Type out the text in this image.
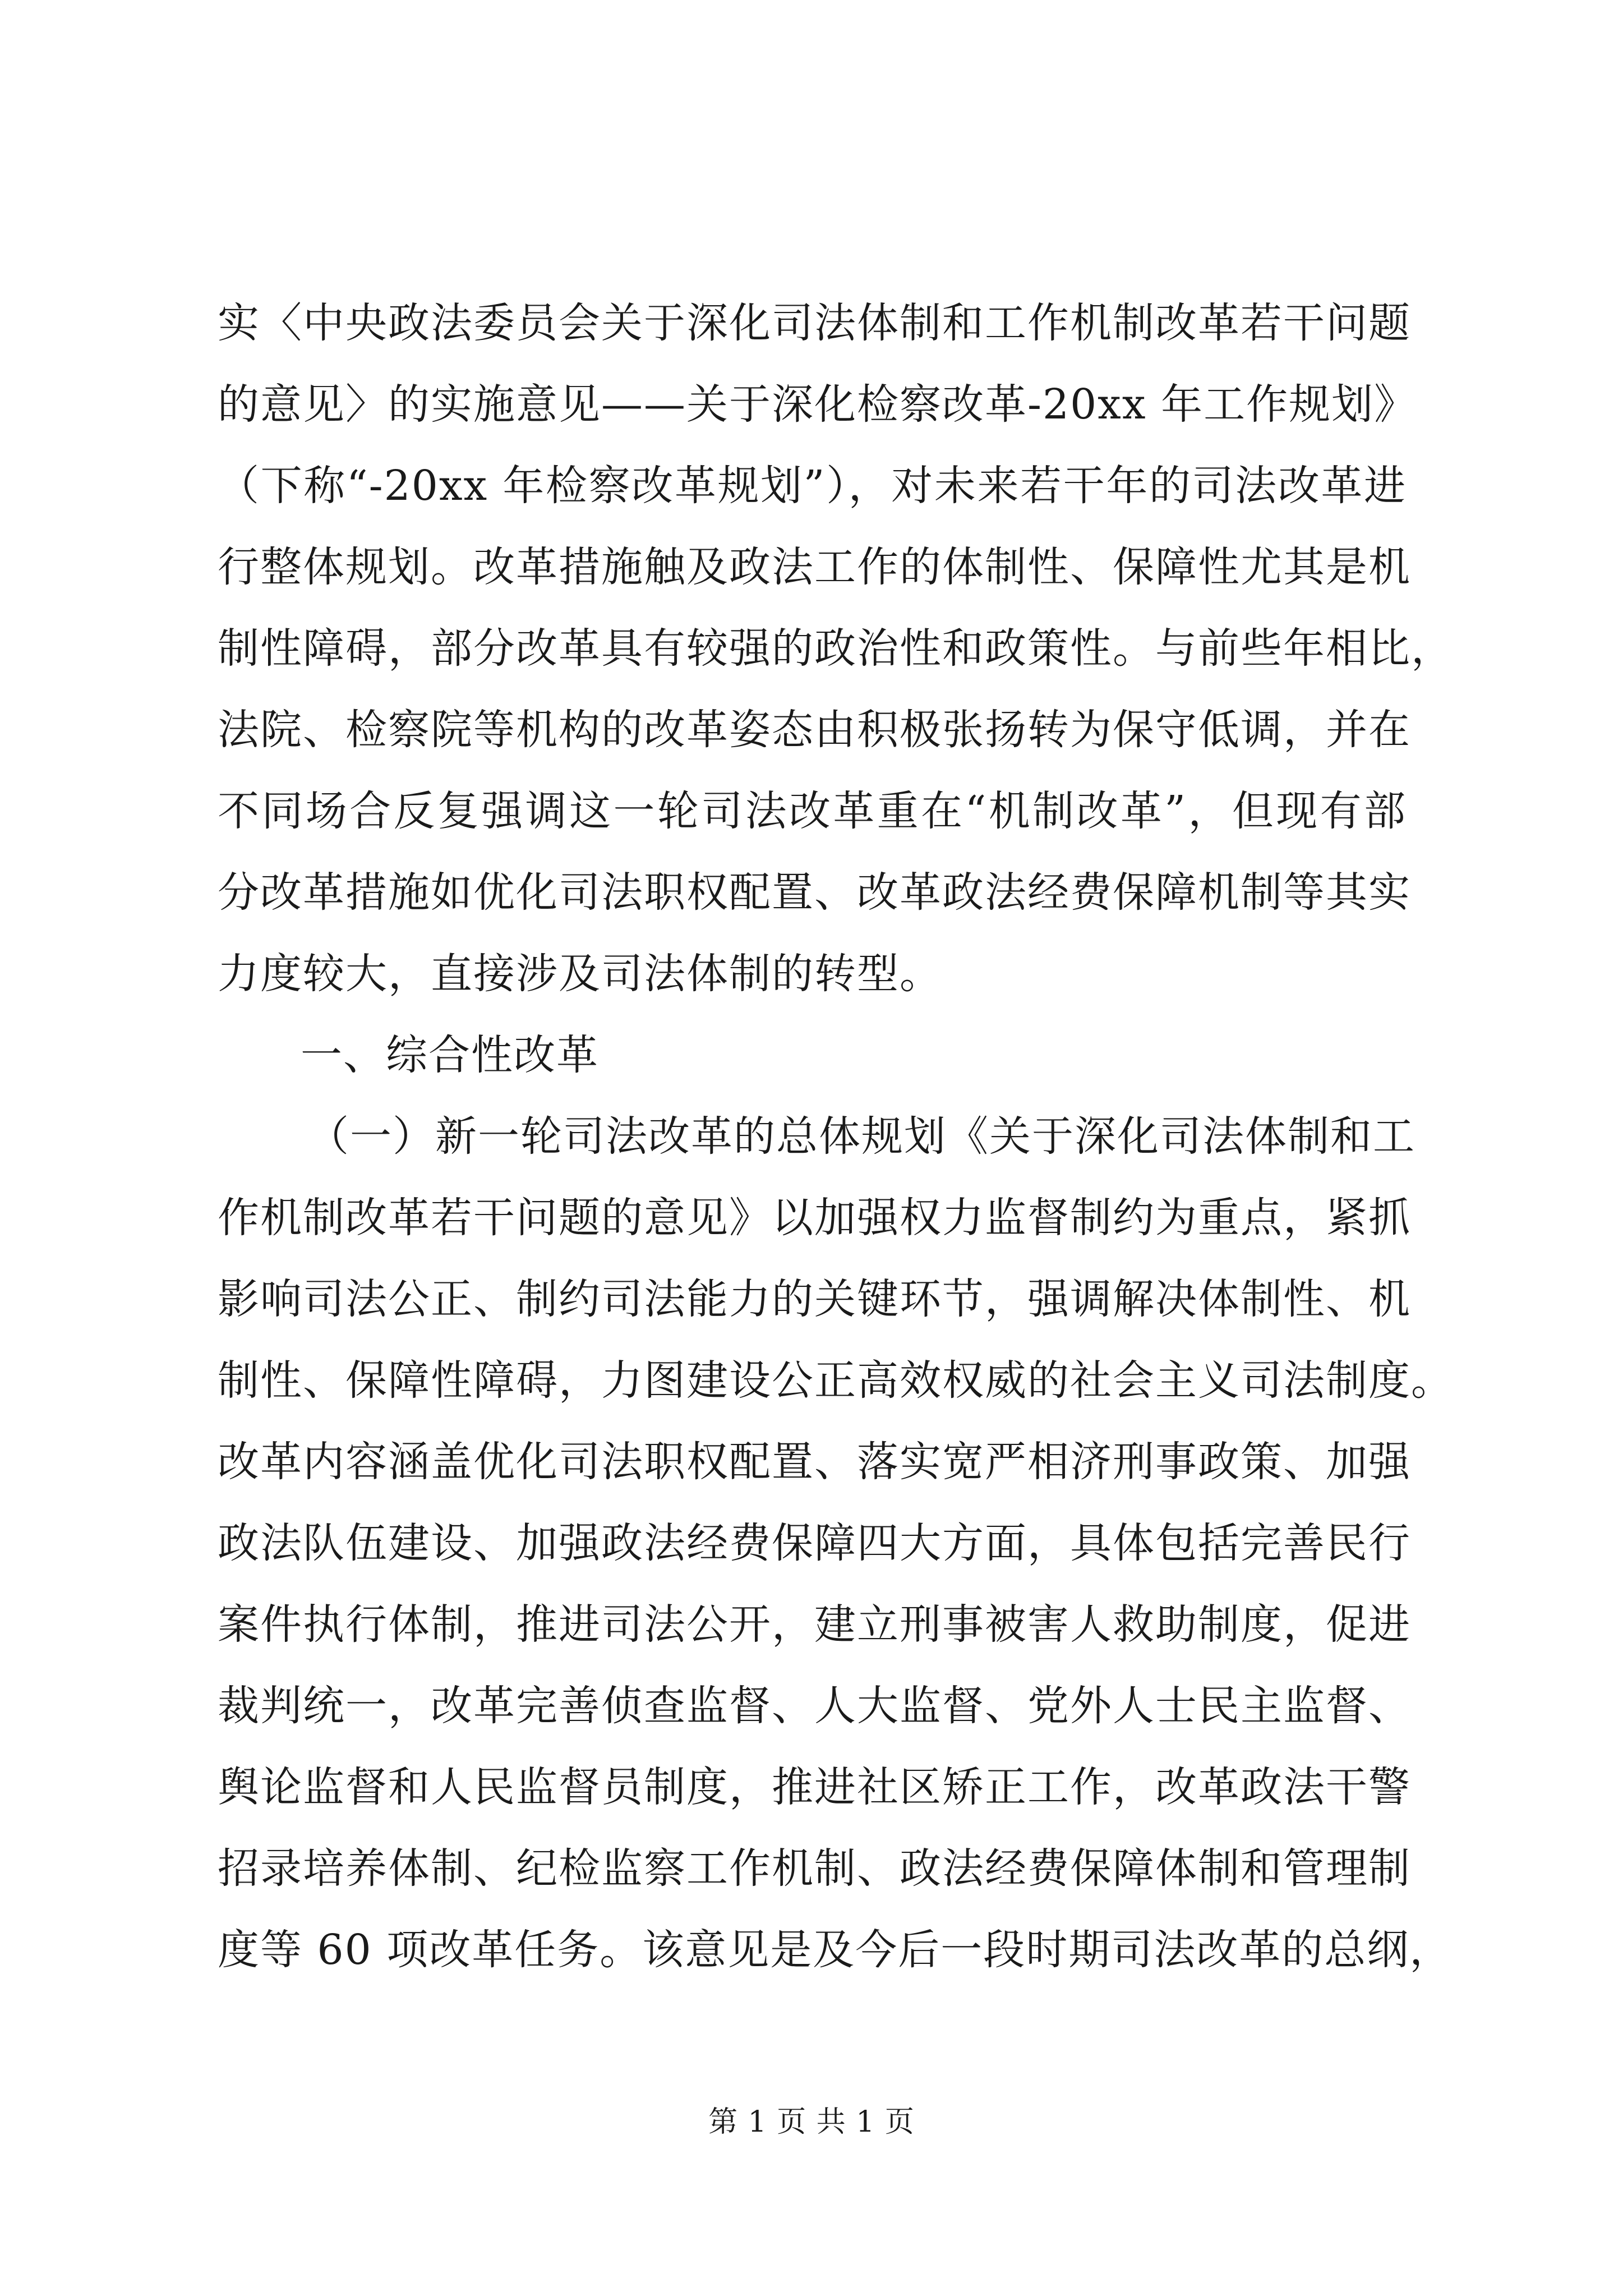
实〈中央政法委员会关于深化司法体制和工作机制改革若干问题
的意见〉的实施意见——关于深化检察改革-20xx 年工作规划》
（下称“-20xx 年检察改革规划”），对未来若干年的司法改革进
行整体规划。改革措施触及政法工作的体制性、保障性尤其是机
制性障碍，部分改革具有较强的政治性和政策性。与前些年相比，
法院、检察院等机构的改革姿态由积极张扬转为保守低调，并在
不同场合反复强调这一轮司法改革重在“机制改革”，但现有部
分改革措施如优化司法职权配置、改革政法经费保障机制等其实
力度较大，直接涉及司法体制的转型。
一、综合性改革
（一）新一轮司法改革的总体规划《关于深化司法体制和工
作机制改革若干问题的意见》以加强权力监督制约为重点，紧抓
影响司法公正、制约司法能力的关键环节，强调解决体制性、机
制性、保障性障碍，力图建设公正高效权威的社会主义司法制度。
改革内容涵盖优化司法职权配置、落实宽严相济刑事政策、加强
政法队伍建设、加强政法经费保障四大方面，具体包括完善民行
案件执行体制，推进司法公开，建立刑事被害人救助制度，促进
裁判统一，改革完善侦查监督、人大监督、党外人士民主监督、
舆论监督和人民监督员制度，推进社区矫正工作，改革政法干警
招录培养体制、纪检监察工作机制、政法经费保障体制和管理制
度等 60 项改革任务。该意见是及今后一段时期司法改革的总纲，
第 1 页 共 1 页
